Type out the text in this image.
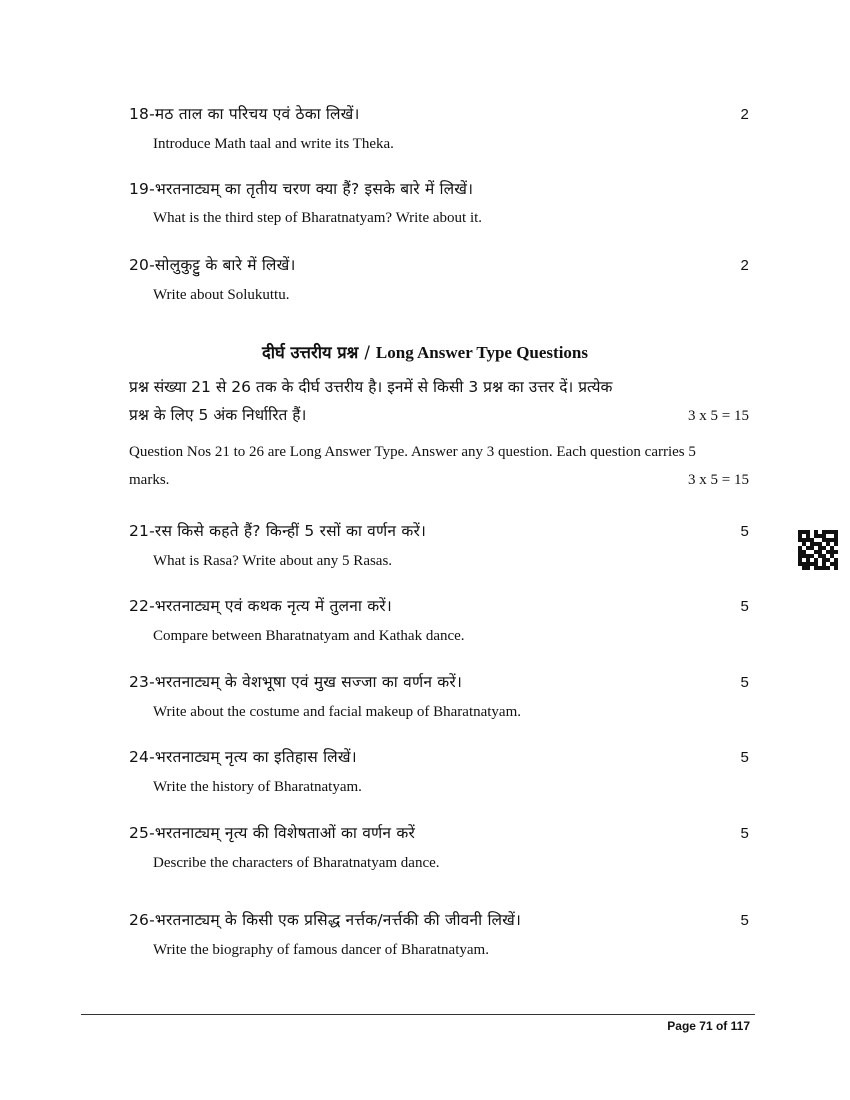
18-मठ ताल का परिचय एवं ठेका लिखें।	2
Introduce Math taal and write its Theka.
19-भरतनाट्यम् का तृतीय चरण क्या हैं? इसके बारे में लिखें।
What is the third step of Bharatnatyam? Write about it.
20-सोलुकुट्टु के बारे में लिखें।	2
Write about Solukuttu.
दीर्घ उत्तरीय प्रश्न / Long Answer Type Questions
प्रश्न संख्या 21 से 26 तक के दीर्घ उत्तरीय है। इनमें से किसी 3 प्रश्न का उत्तर दें। प्रत्येक
प्रश्न के लिए 5 अंक निर्धारित हैं।	3 x 5 = 15
Question Nos 21 to 26 are Long Answer Type. Answer any 3 question. Each question carries 5
marks.	3 x 5 = 15
21-रस किसे कहते हैं? किन्हीं 5 रसों का वर्णन करें।	5
What is Rasa? Write about any 5 Rasas.
22-भरतनाट्यम् एवं कथक नृत्य में तुलना करें।	5
Compare between Bharatnatyam and Kathak dance.
23-भरतनाट्यम् के वेशभूषा एवं मुख सज्जा का वर्णन करें।	5
Write about the costume and facial makeup of Bharatnatyam.
24-भरतनाट्यम् नृत्य का इतिहास लिखें।	5
Write the history of Bharatnatyam.
25-भरतनाट्यम् नृत्य की विशेषताओं का वर्णन करें	5
Describe the characters of Bharatnatyam dance.
26-भरतनाट्यम् के किसी एक प्रसिद्ध नर्त्तक/नर्त्तकी की जीवनी लिखें।	5
Write the biography of famous dancer of Bharatnatyam.
Page 71 of 117
